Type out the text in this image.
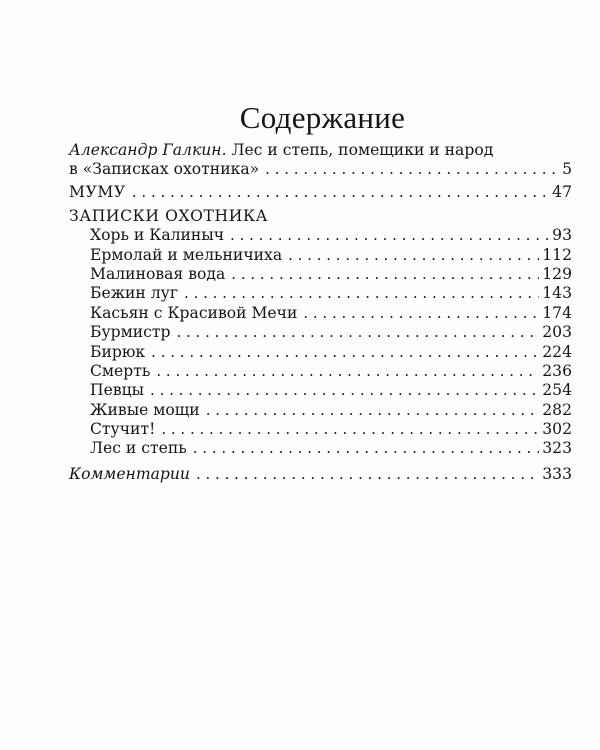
Содержание
Александр Галкин. Лес и степь, помещики и народ
в «Записках охотника» . . .	5
МУМУ . . .	47
ЗАПИСКИ ОХОТНИКА
Хорь и Калиныч . . .	93
Ермолай и мельничиха . . .	112
Малиновая вода . . .	129
Бежин луг . . .	143
Касьян с Красивой Мечи . . .	174
Бурмистр . . .	203
Бирюк . . .	224
Смерть . . .	236
Певцы . . .	254
Живые мощи . . .	282
Стучит! . . .	302
Лес и степь . . .	323
Комментарии . . .	333
